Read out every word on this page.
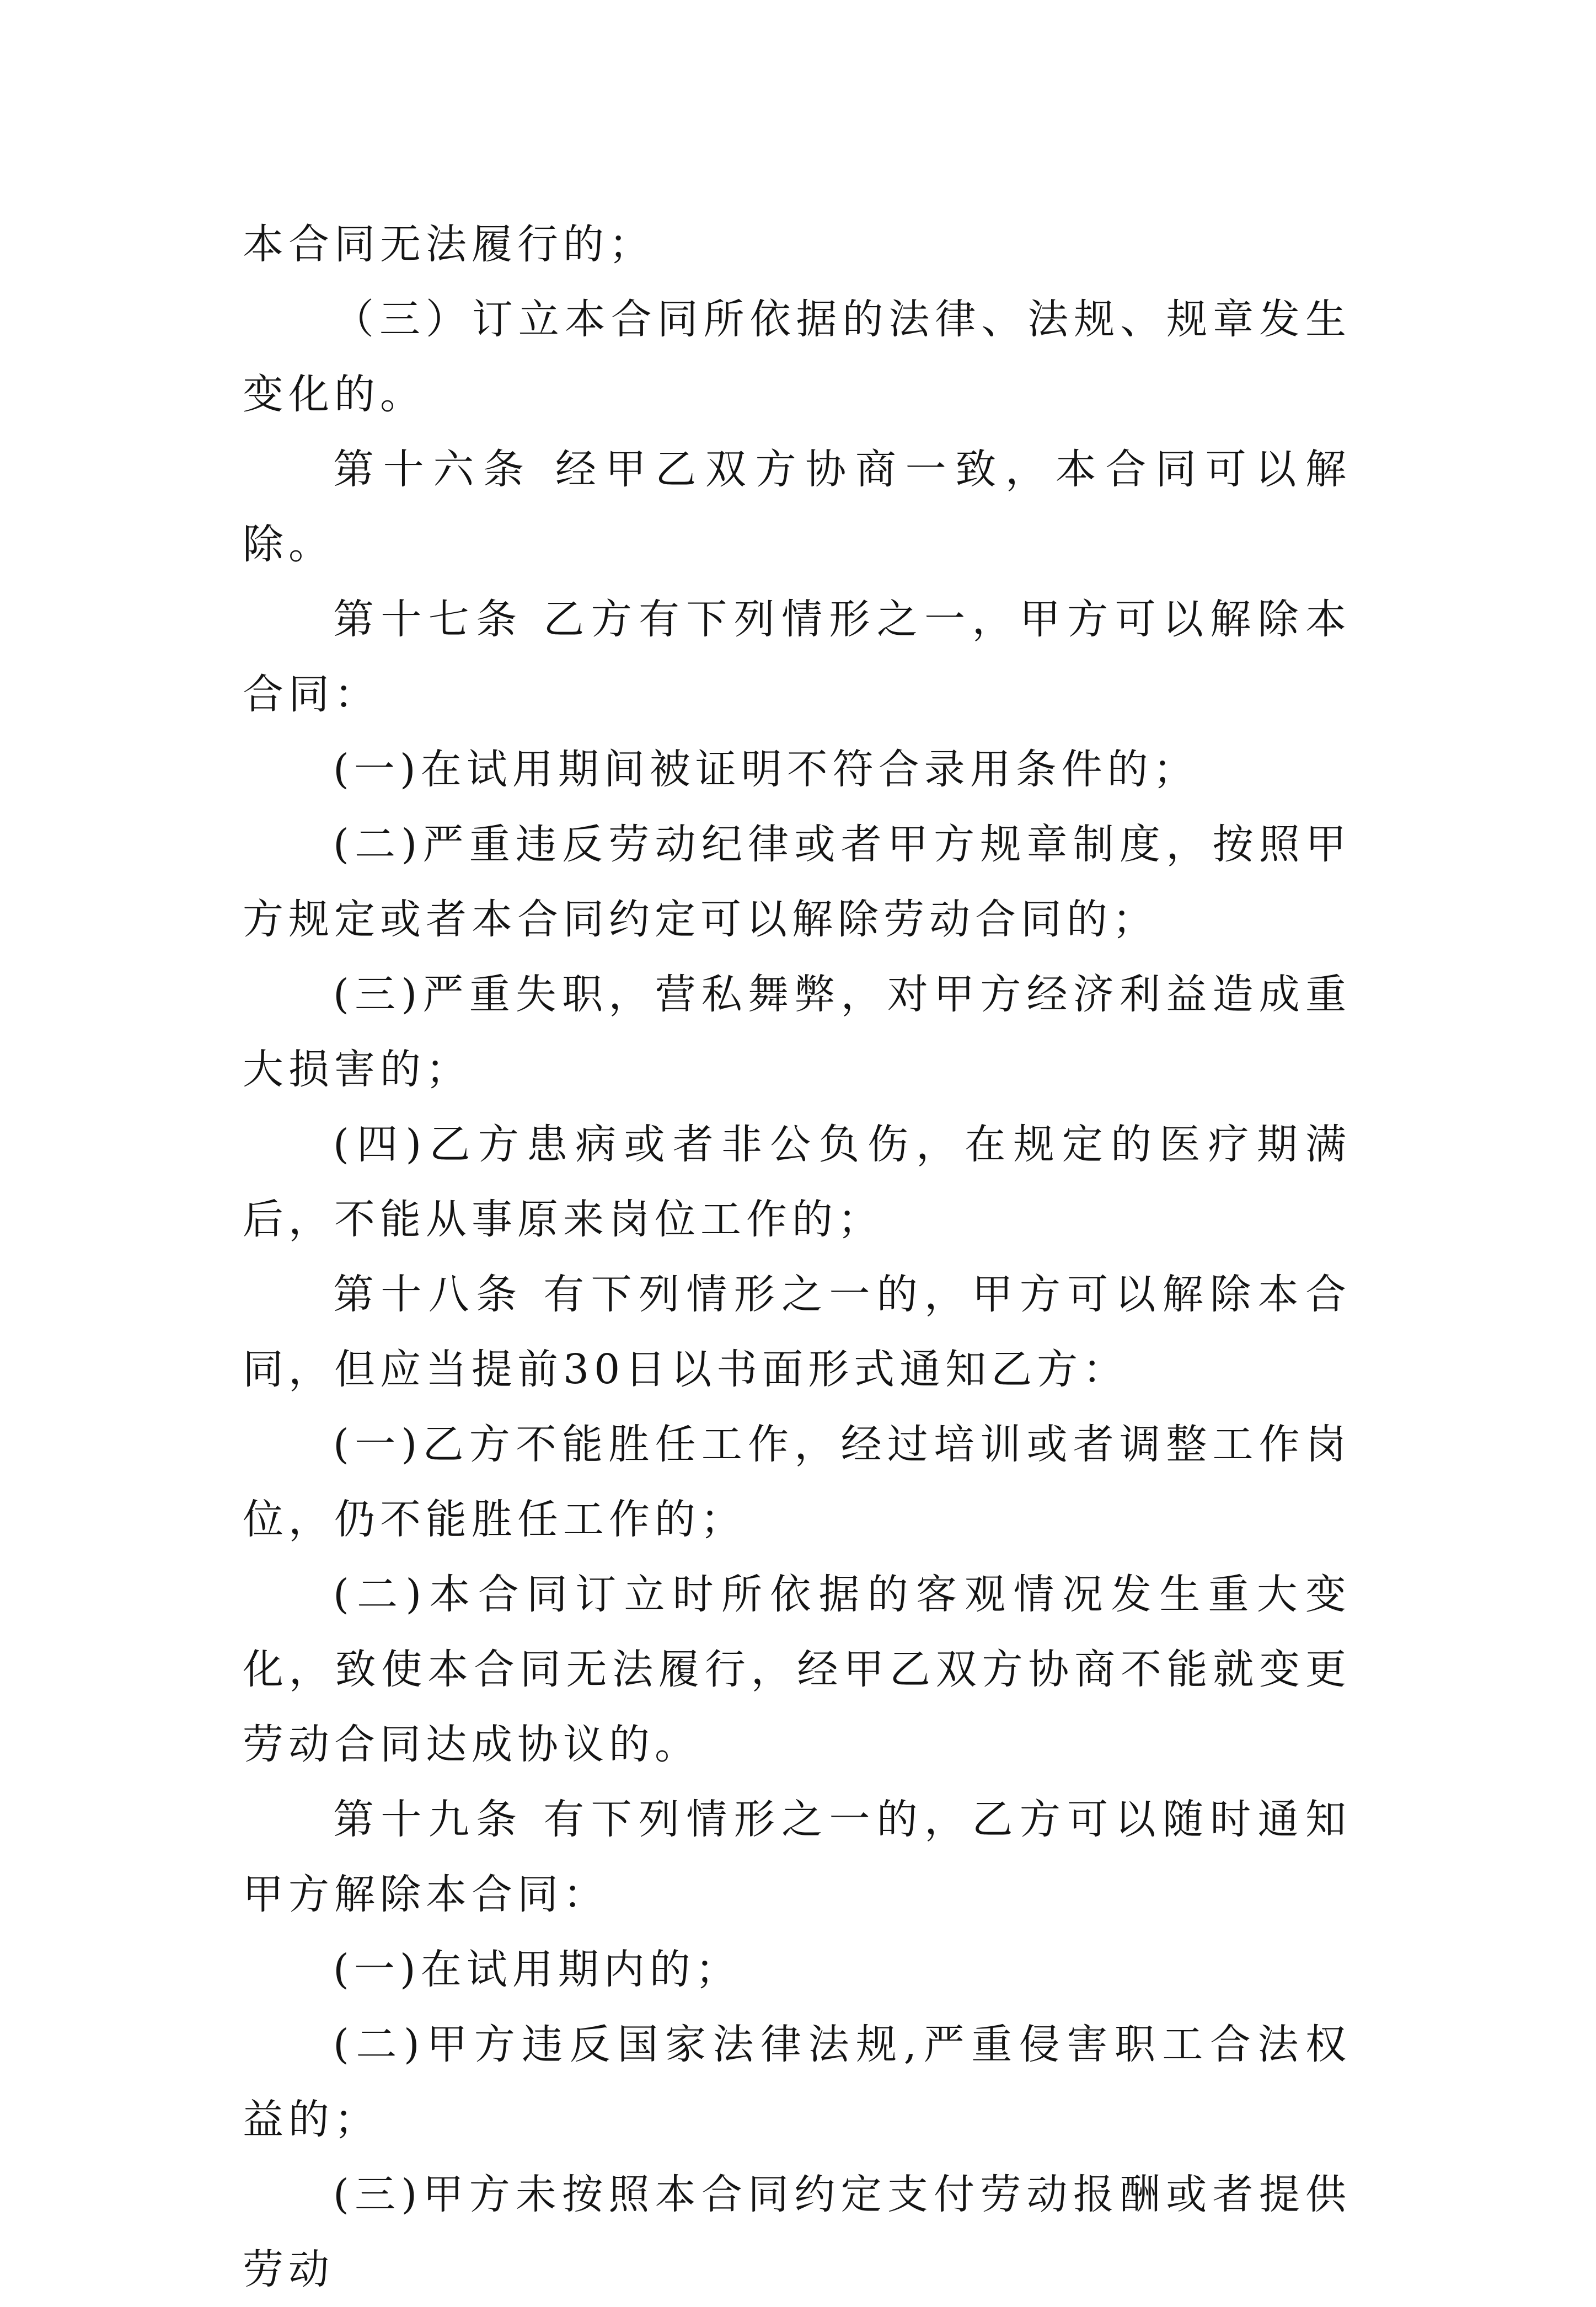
本合同无法履行的；

（三）订立本合同所依据的法律、法规、规章发生变化的。

第十六条 经甲乙双方协商一致，本合同可以解除。

第十七条 乙方有下列情形之一，甲方可以解除本合同：

(一)在试用期间被证明不符合录用条件的；

(二)严重违反劳动纪律或者甲方规章制度，按照甲方规定或者本合同约定可以解除劳动合同的；

(三)严重失职，营私舞弊，对甲方经济利益造成重大损害的；

(四)乙方患病或者非公负伤，在规定的医疗期满后，不能从事原来岗位工作的；

第十八条 有下列情形之一的，甲方可以解除本合同，但应当提前30日以书面形式通知乙方：

(一)乙方不能胜任工作，经过培训或者调整工作岗位，仍不能胜任工作的；

(二)本合同订立时所依据的客观情况发生重大变化，致使本合同无法履行，经甲乙双方协商不能就变更劳动合同达成协议的。

第十九条 有下列情形之一的，乙方可以随时通知甲方解除本合同：

(一)在试用期内的；

(二)甲方违反国家法律法规,严重侵害职工合法权益的；

(三)甲方未按照本合同约定支付劳动报酬或者提供劳动
